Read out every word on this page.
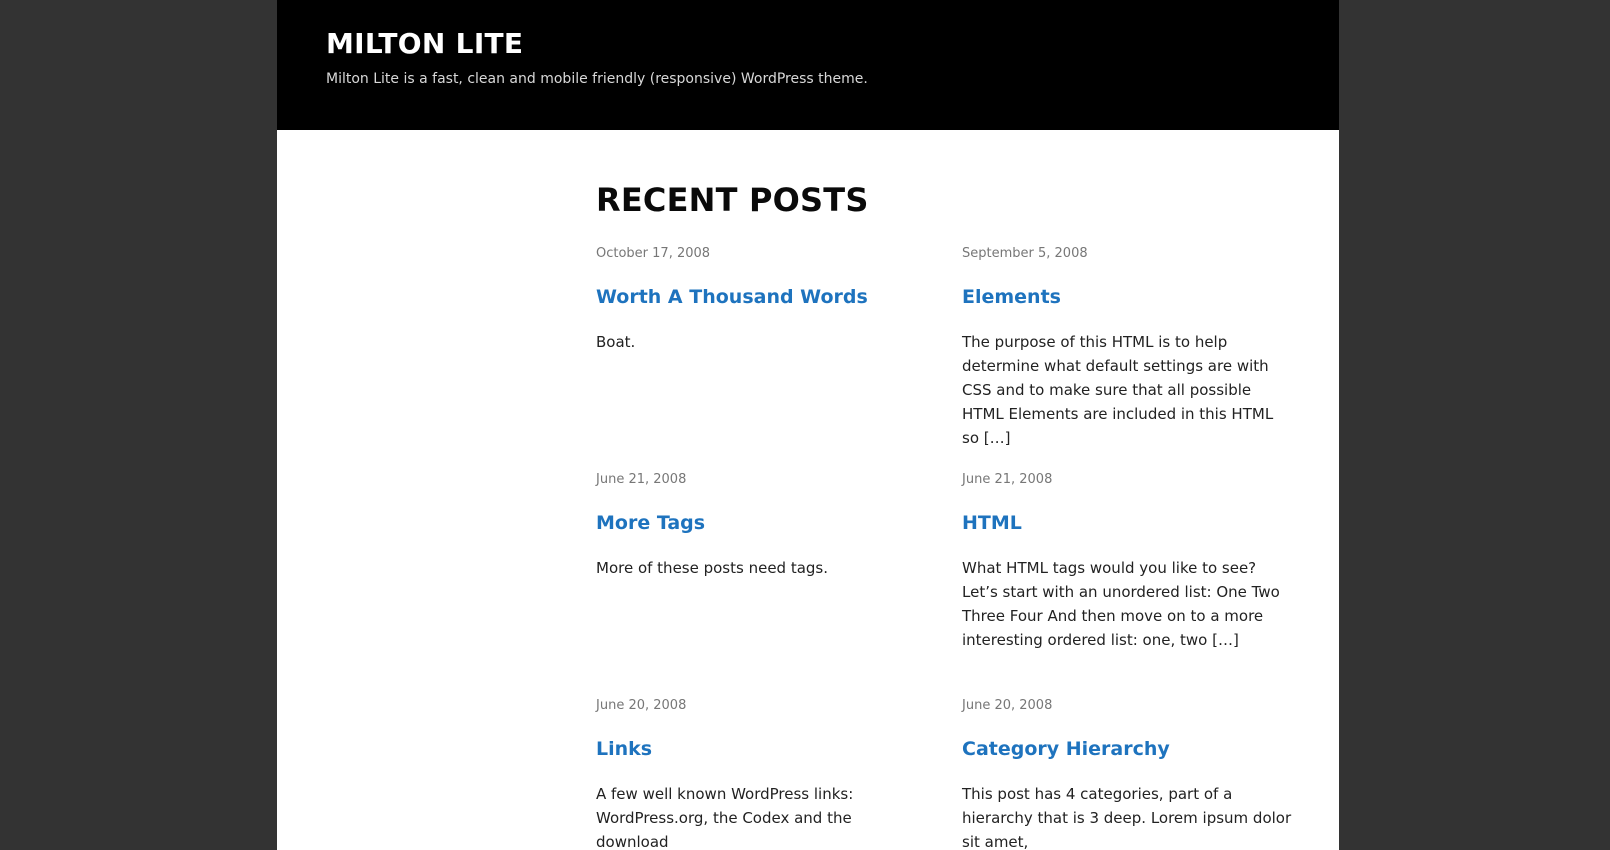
MILTON LITE

Milton Lite is a fast, clean and mobile friendly (responsive) WordPress theme.

RECENT POSTS
October 17, 2008
Worth A Thousand Words
Boat.
September 5, 2008
Elements
The purpose of this HTML is to help determine what default settings are with CSS and to make sure that all possible HTML Elements are included in this HTML so […]
June 21, 2008
More Tags
More of these posts need tags.
June 21, 2008
HTML
What HTML tags would you like to see? Let’s start with an unordered list: One Two Three Four And then move on to a more interesting ordered list: one, two […]
June 20, 2008
Links
A few well known WordPress links: WordPress.org, the Codex and the download
June 20, 2008
Category Hierarchy
This post has 4 categories, part of a hierarchy that is 3 deep. Lorem ipsum dolor sit amet,
